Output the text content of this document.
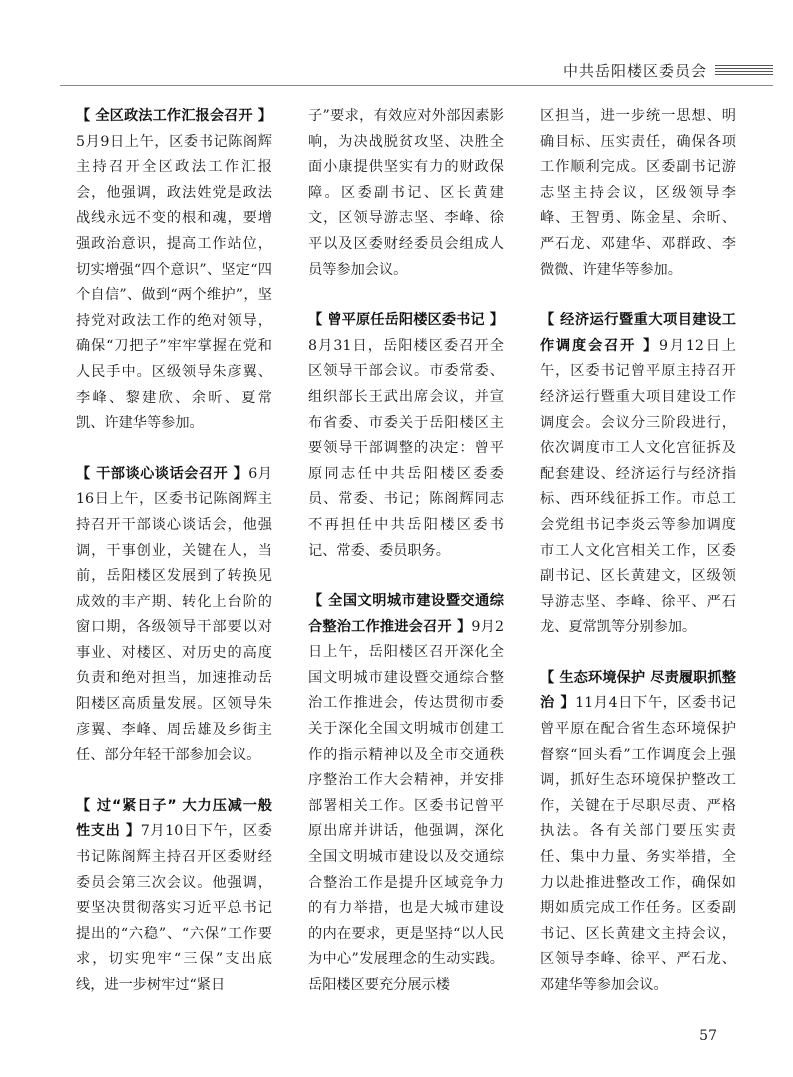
中共岳阳楼区委员会

【 全区政法工作汇报会召开 】5月9日上午，区委书记陈阁辉主持召开全区政法工作汇报会，他强调，政法姓党是政法战线永远不变的根和魂，要增强政治意识，提高工作站位，切实增强“四个意识”、坚定“四个自信”、做到“两个维护”，坚持党对政法工作的绝对领导，确保“刀把子”牢牢掌握在党和人民手中。区级领导朱彦翼、李峰、黎建欣、余昕、夏常凯、许建华等参加。

【 干部谈心谈话会召开 】6月16日上午，区委书记陈阁辉主持召开干部谈心谈话会，他强调，干事创业，关键在人，当前，岳阳楼区发展到了转换见成效的丰产期、转化上台阶的窗口期，各级领导干部要以对事业、对楼区、对历史的高度负责和绝对担当，加速推动岳阳楼区高质量发展。区领导朱彦翼、李峰、周岳雄及乡街主任、部分年轻干部参加会议。

【 过“紧日子” 大力压减一般性支出 】7月10日下午，区委书记陈阁辉主持召开区委财经委员会第三次会议。他强调，要坚决贯彻落实习近平总书记提出的“六稳”、“六保”工作要求，切实兜牢“三保”支出底线，进一步树牢过“紧日

子”要求，有效应对外部因素影响，为决战脱贫攻坚、决胜全面小康提供坚实有力的财政保障。区委副书记、区长黄建文，区领导游志坚、李峰、徐平以及区委财经委员会组成人员等参加会议。

【 曾平原任岳阳楼区委书记 】8月31日，岳阳楼区委召开全区领导干部会议。市委常委、组织部长王武出席会议，并宣布省委、市委关于岳阳楼区主要领导干部调整的决定：曾平原同志任中共岳阳楼区委委员、常委、书记；陈阁辉同志不再担任中共岳阳楼区委书记、常委、委员职务。

【 全国文明城市建设暨交通综合整治工作推进会召开 】9月2日上午，岳阳楼区召开深化全国文明城市建设暨交通综合整治工作推进会，传达贯彻市委关于深化全国文明城市创建工作的指示精神以及全市交通秩序整治工作大会精神，并安排部署相关工作。区委书记曾平原出席并讲话，他强调，深化全国文明城市建设以及交通综合整治工作是提升区域竞争力的有力举措，也是大城市建设的内在要求，更是坚持“以人民为中心”发展理念的生动实践。岳阳楼区要充分展示楼

区担当，进一步统一思想、明确目标、压实责任，确保各项工作顺利完成。区委副书记游志坚主持会议，区级领导李峰、王智勇、陈金星、余昕、严石龙、邓建华、邓群政、李微微、许建华等参加。

【 经济运行暨重大项目建设工作调度会召开 】9月12日上午，区委书记曾平原主持召开经济运行暨重大项目建设工作调度会。会议分三阶段进行，依次调度市工人文化宫征拆及配套建设、经济运行与经济指标、西环线征拆工作。市总工会党组书记李炎云等参加调度市工人文化宫相关工作，区委副书记、区长黄建文，区级领导游志坚、李峰、徐平、严石龙、夏常凯等分别参加。

【 生态环境保护 尽责履职抓整治 】11月4日下午，区委书记曾平原在配合省生态环境保护督察“回头看”工作调度会上强调，抓好生态环境保护整改工作，关键在于尽职尽责、严格执法。各有关部门要压实责任、集中力量、务实举措，全力以赴推进整改工作，确保如期如质完成工作任务。区委副书记、区长黄建文主持会议，区领导李峰、徐平、严石龙、邓建华等参加会议。

57
